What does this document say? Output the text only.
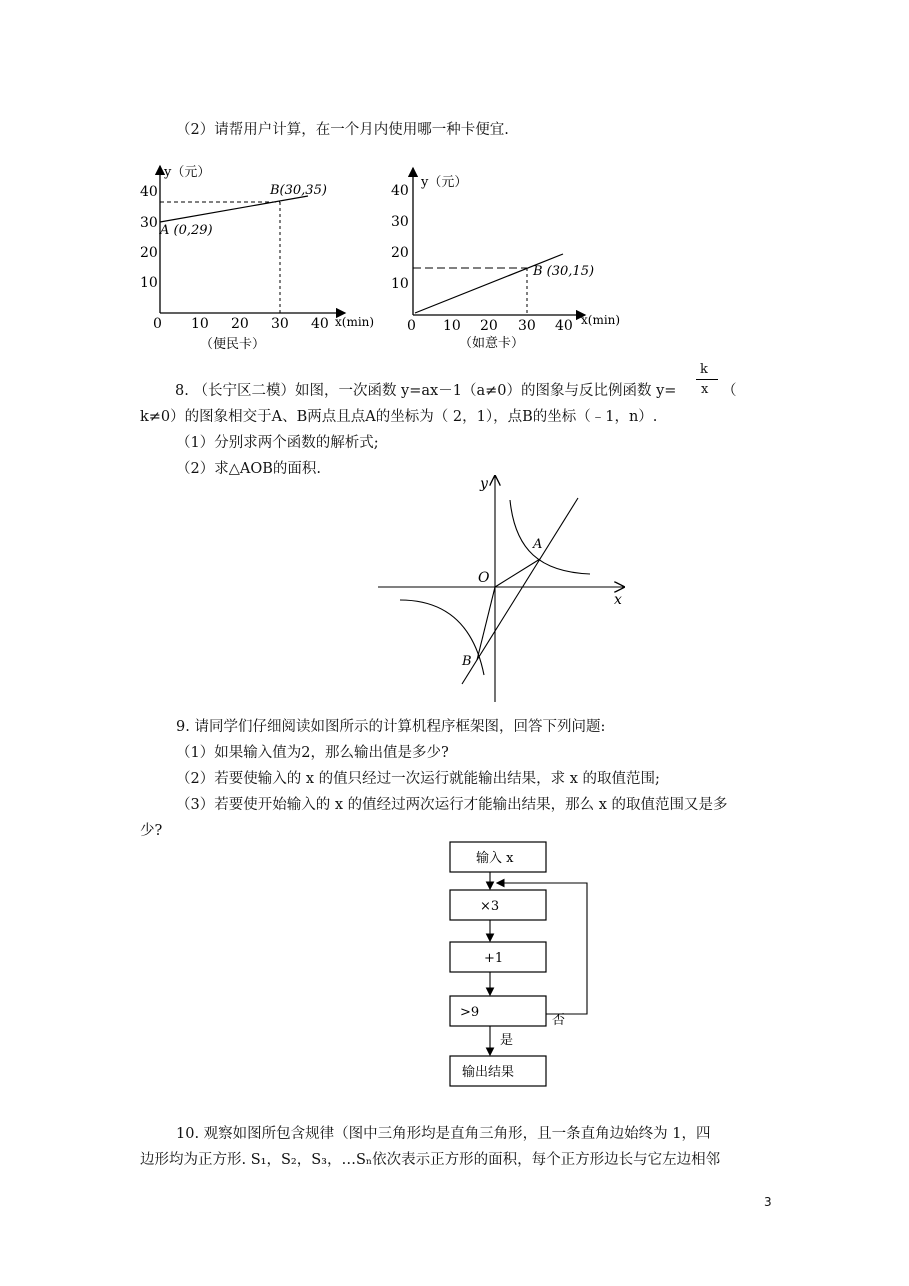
（2）请帮用户计算，在一个月内使用哪一种卡便宜.
y（元）
x(min)
0 10 20 30 40
10
20
30
40
A (0,29)
B(30,35)
（便民卡）
y（元）
x(min)
0 10 20 30 40
10
20
30
40
B (30,15)
（如意卡）
k
8. （长宁区二模）如图，一次函数 y=ax－1（a≠0）的图象与反比例函数 y= x （
k≠0）的图象相交于A、B两点且点A的坐标为（ 2，1），点B的坐标（﹣1，n）.
（1）分别求两个函数的解析式;
（2）求△AOB的面积.
y
x
O
A
B
9. 请同学们仔细阅读如图所示的计算机程序框架图，回答下列问题:
（1）如果输入值为2，那么输出值是多少?
（2）若要使输入的 x 的值只经过一次运行就能输出结果，求 x 的取值范围;
（3）若要使开始输入的 x 的值经过两次运行才能输出结果，那么 x 的取值范围又是多
少?
输入 x
×3
+1
>9
否
是
输出结果
10. 观察如图所包含规律（图中三角形均是直角三角形，且一条直角边始终为 1，四
边形均为正方形. S₁，S₂，S₃，…Sₙ依次表示正方形的面积，每个正方形边长与它左边相邻
3
